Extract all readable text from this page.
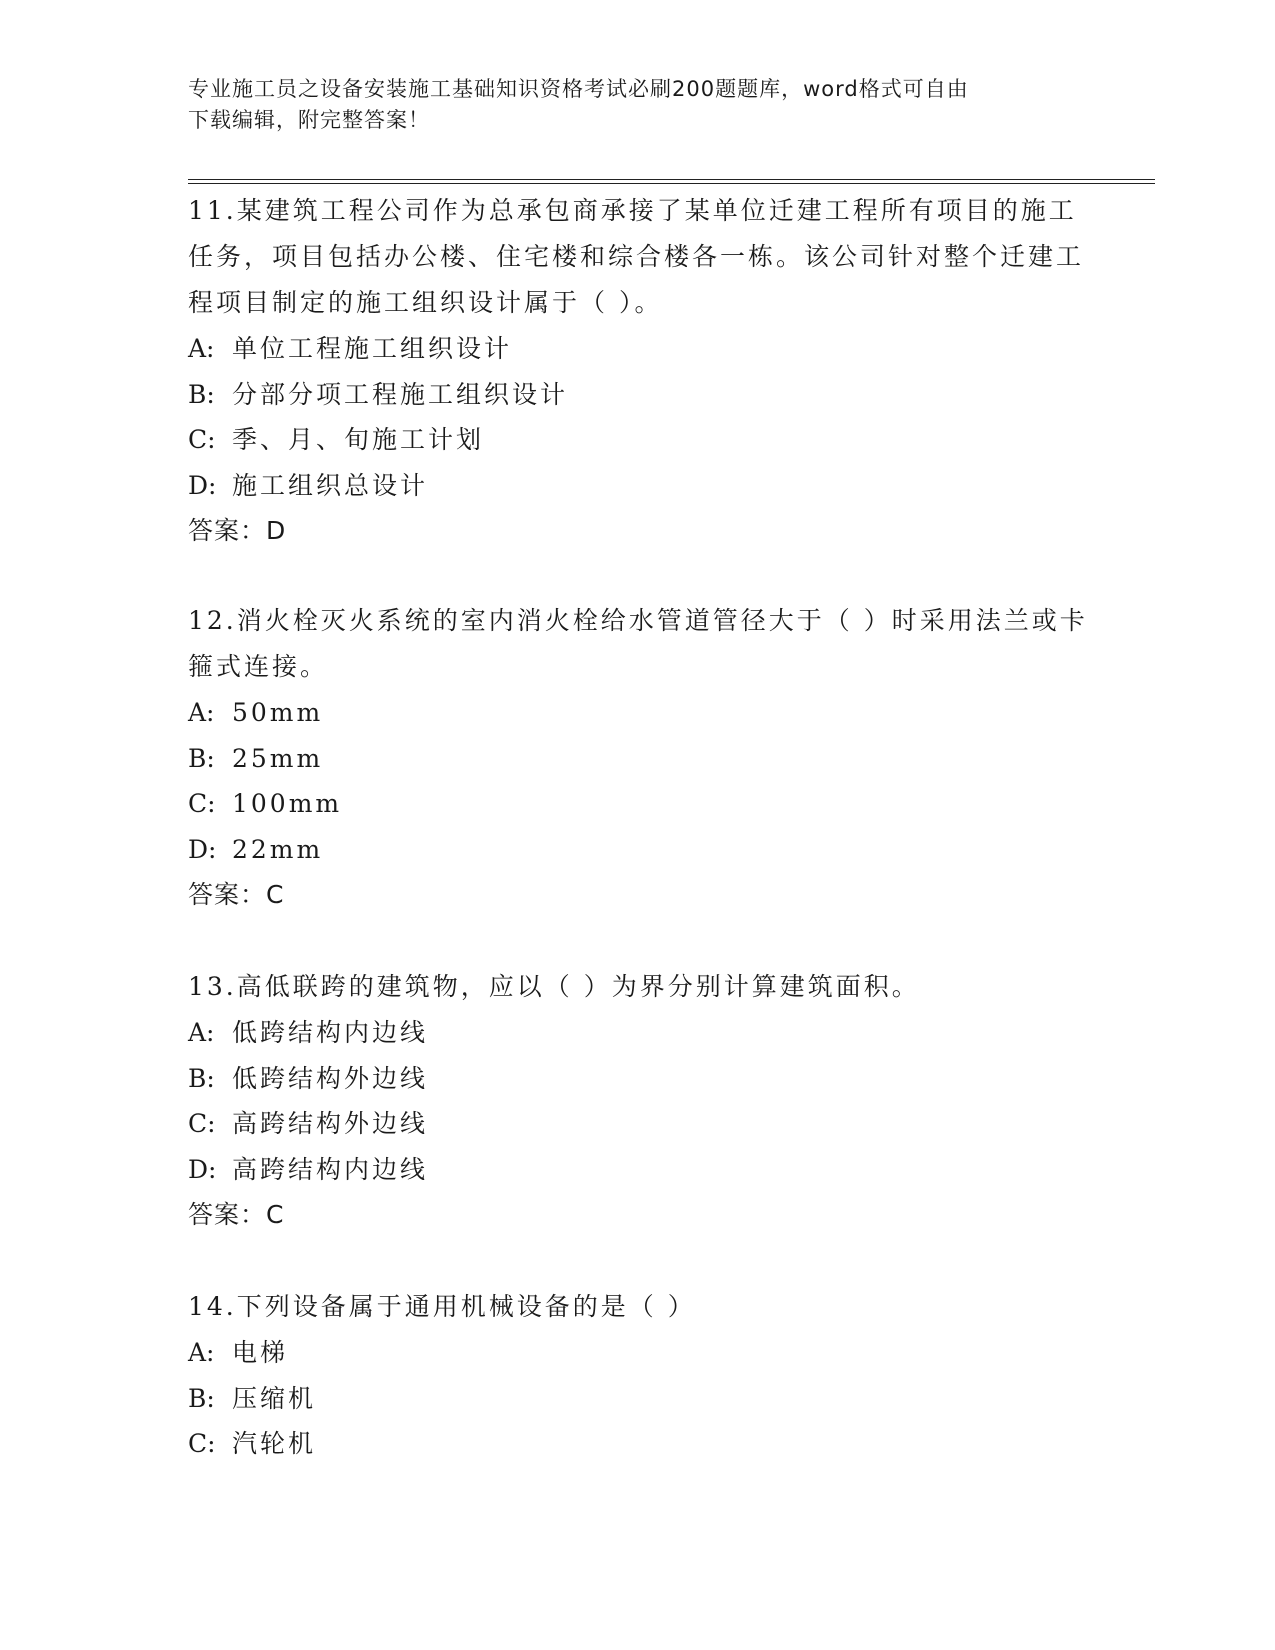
专业施工员之设备安装施工基础知识资格考试必刷200题题库，word格式可自由
下载编辑，附完整答案！
11.某建筑工程公司作为总承包商承接了某单位迁建工程所有项目的施工任务，项目包括办公楼、住宅楼和综合楼各一栋。该公司针对整个迁建工程项目制定的施工组织设计属于（ ）。
A: 单位工程施工组织设计
B: 分部分项工程施工组织设计
C: 季、月、旬施工计划
D: 施工组织总设计
答案：D
12.消火栓灭火系统的室内消火栓给水管道管径大于（ ）时采用法兰或卡箍式连接。
A: 50mm
B: 25mm
C: 100mm
D: 22mm
答案：C
13.高低联跨的建筑物，应以（ ）为界分别计算建筑面积。
A: 低跨结构内边线
B: 低跨结构外边线
C: 高跨结构外边线
D: 高跨结构内边线
答案：C
14.下列设备属于通用机械设备的是（ ）
A: 电梯
B: 压缩机
C: 汽轮机
